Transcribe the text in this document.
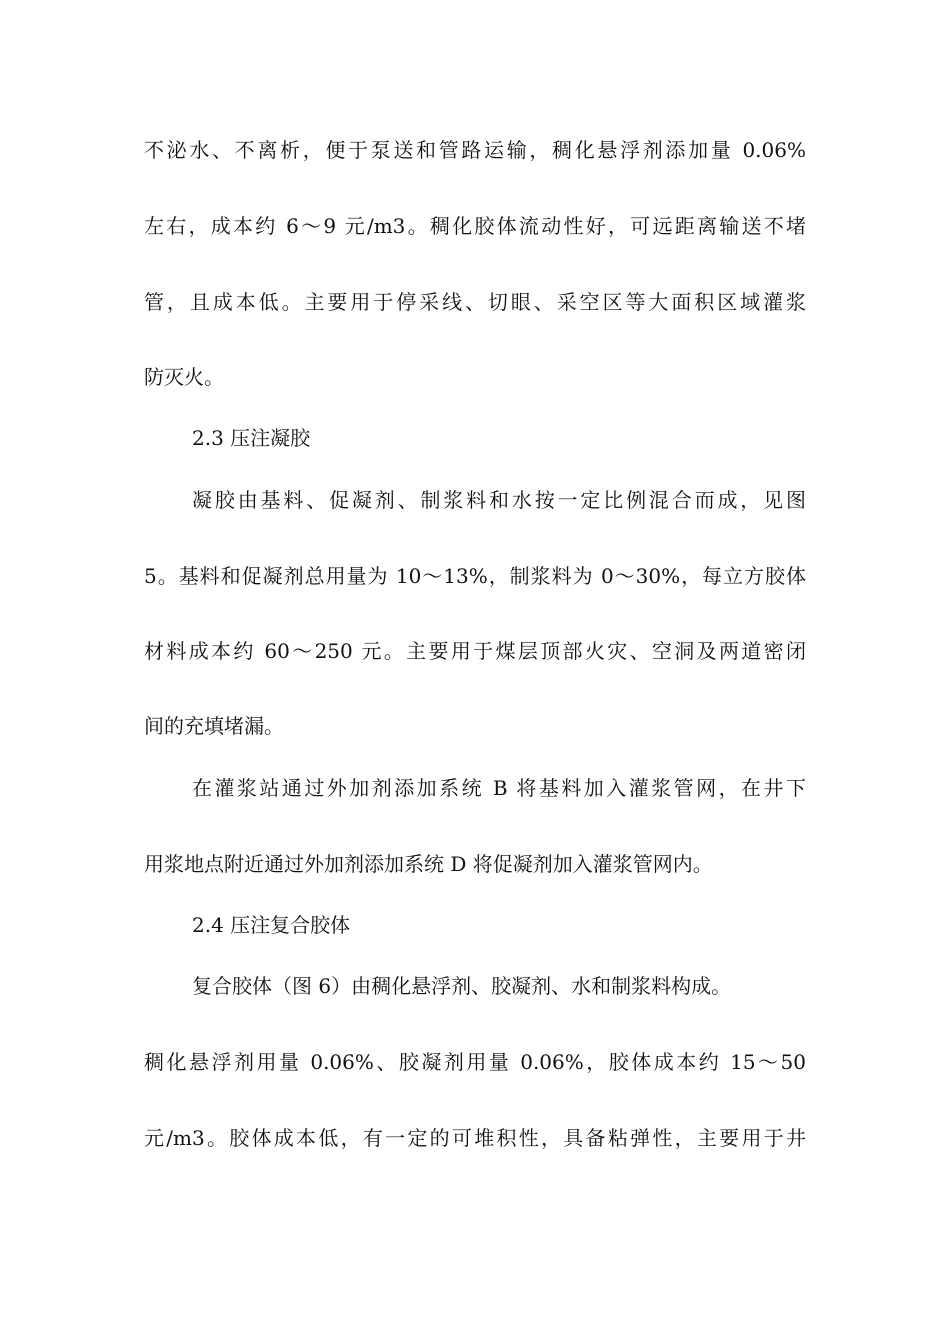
不泌水、不离析，便于泵送和管路运输，稠化悬浮剂添加量 0.06%
左右，成本约 6～9 元/m3。稠化胶体流动性好，可远距离输送不堵
管，且成本低。主要用于停采线、切眼、采空区等大面积区域灌浆
防灭火。
2.3 压注凝胶
凝胶由基料、促凝剂、制浆料和水按一定比例混合而成，见图
5。基料和促凝剂总用量为 10～13%，制浆料为 0～30%，每立方胶体
材料成本约 60～250 元。主要用于煤层顶部火灾、空洞及两道密闭
间的充填堵漏。
在灌浆站通过外加剂添加系统 B 将基料加入灌浆管网，在井下
用浆地点附近通过外加剂添加系统 D 将促凝剂加入灌浆管网内。
2.4 压注复合胶体
复合胶体（图 6）由稠化悬浮剂、胶凝剂、水和制浆料构成。
稠化悬浮剂用量 0.06%、胶凝剂用量 0.06%，胶体成本约 15～50
元/m3。胶体成本低，有一定的可堆积性，具备粘弹性，主要用于井
